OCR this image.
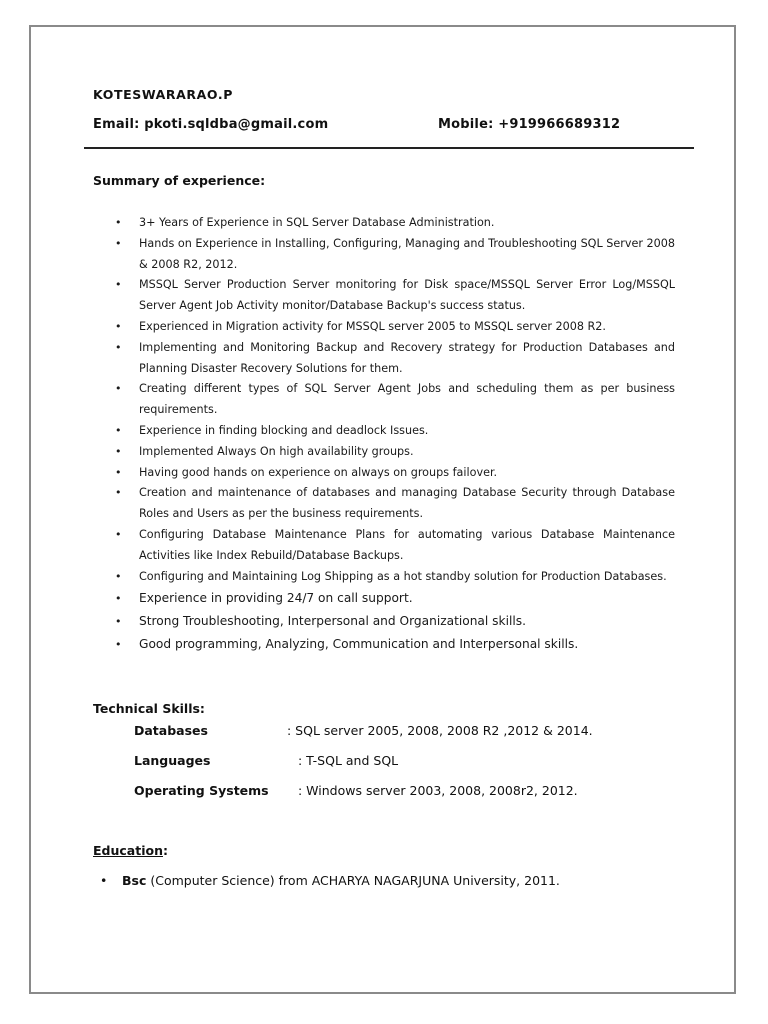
KOTESWARARAO.P
Email: pkoti.sqldba@gmail.com	Mobile: +919966689312
Summary of experience:
• 3+ Years of Experience in SQL Server Database Administration.
• Hands on Experience in Installing, Configuring, Managing and Troubleshooting SQL Server 2008 & 2008 R2, 2012.
• MSSQL Server Production Server monitoring for Disk space/MSSQL Server Error Log/MSSQL Server Agent Job Activity monitor/Database Backup's success status.
• Experienced in Migration activity for MSSQL server 2005 to MSSQL server 2008 R2.
• Implementing and Monitoring Backup and Recovery strategy for Production Databases and Planning Disaster Recovery Solutions for them.
• Creating different types of SQL Server Agent Jobs and scheduling them as per business requirements.
• Experience in finding blocking and deadlock Issues.
• Implemented Always On high availability groups.
• Having good hands on experience on always on groups failover.
• Creation and maintenance of databases and managing Database Security through Database Roles and Users as per the business requirements.
• Configuring Database Maintenance Plans for automating various Database Maintenance Activities like Index Rebuild/Database Backups.
• Configuring and Maintaining Log Shipping as a hot standby solution for Production Databases.
• Experience in providing 24/7 on call support.
• Strong Troubleshooting, Interpersonal and Organizational skills.
• Good programming, Analyzing, Communication and Interpersonal skills.
Technical Skills:
Databases	: SQL server 2005, 2008, 2008 R2 ,2012 & 2014.
Languages	: T-SQL and SQL
Operating Systems : Windows server 2003, 2008, 2008r2, 2012.
Education:
• Bsc (Computer Science) from ACHARYA NAGARJUNA University, 2011.
